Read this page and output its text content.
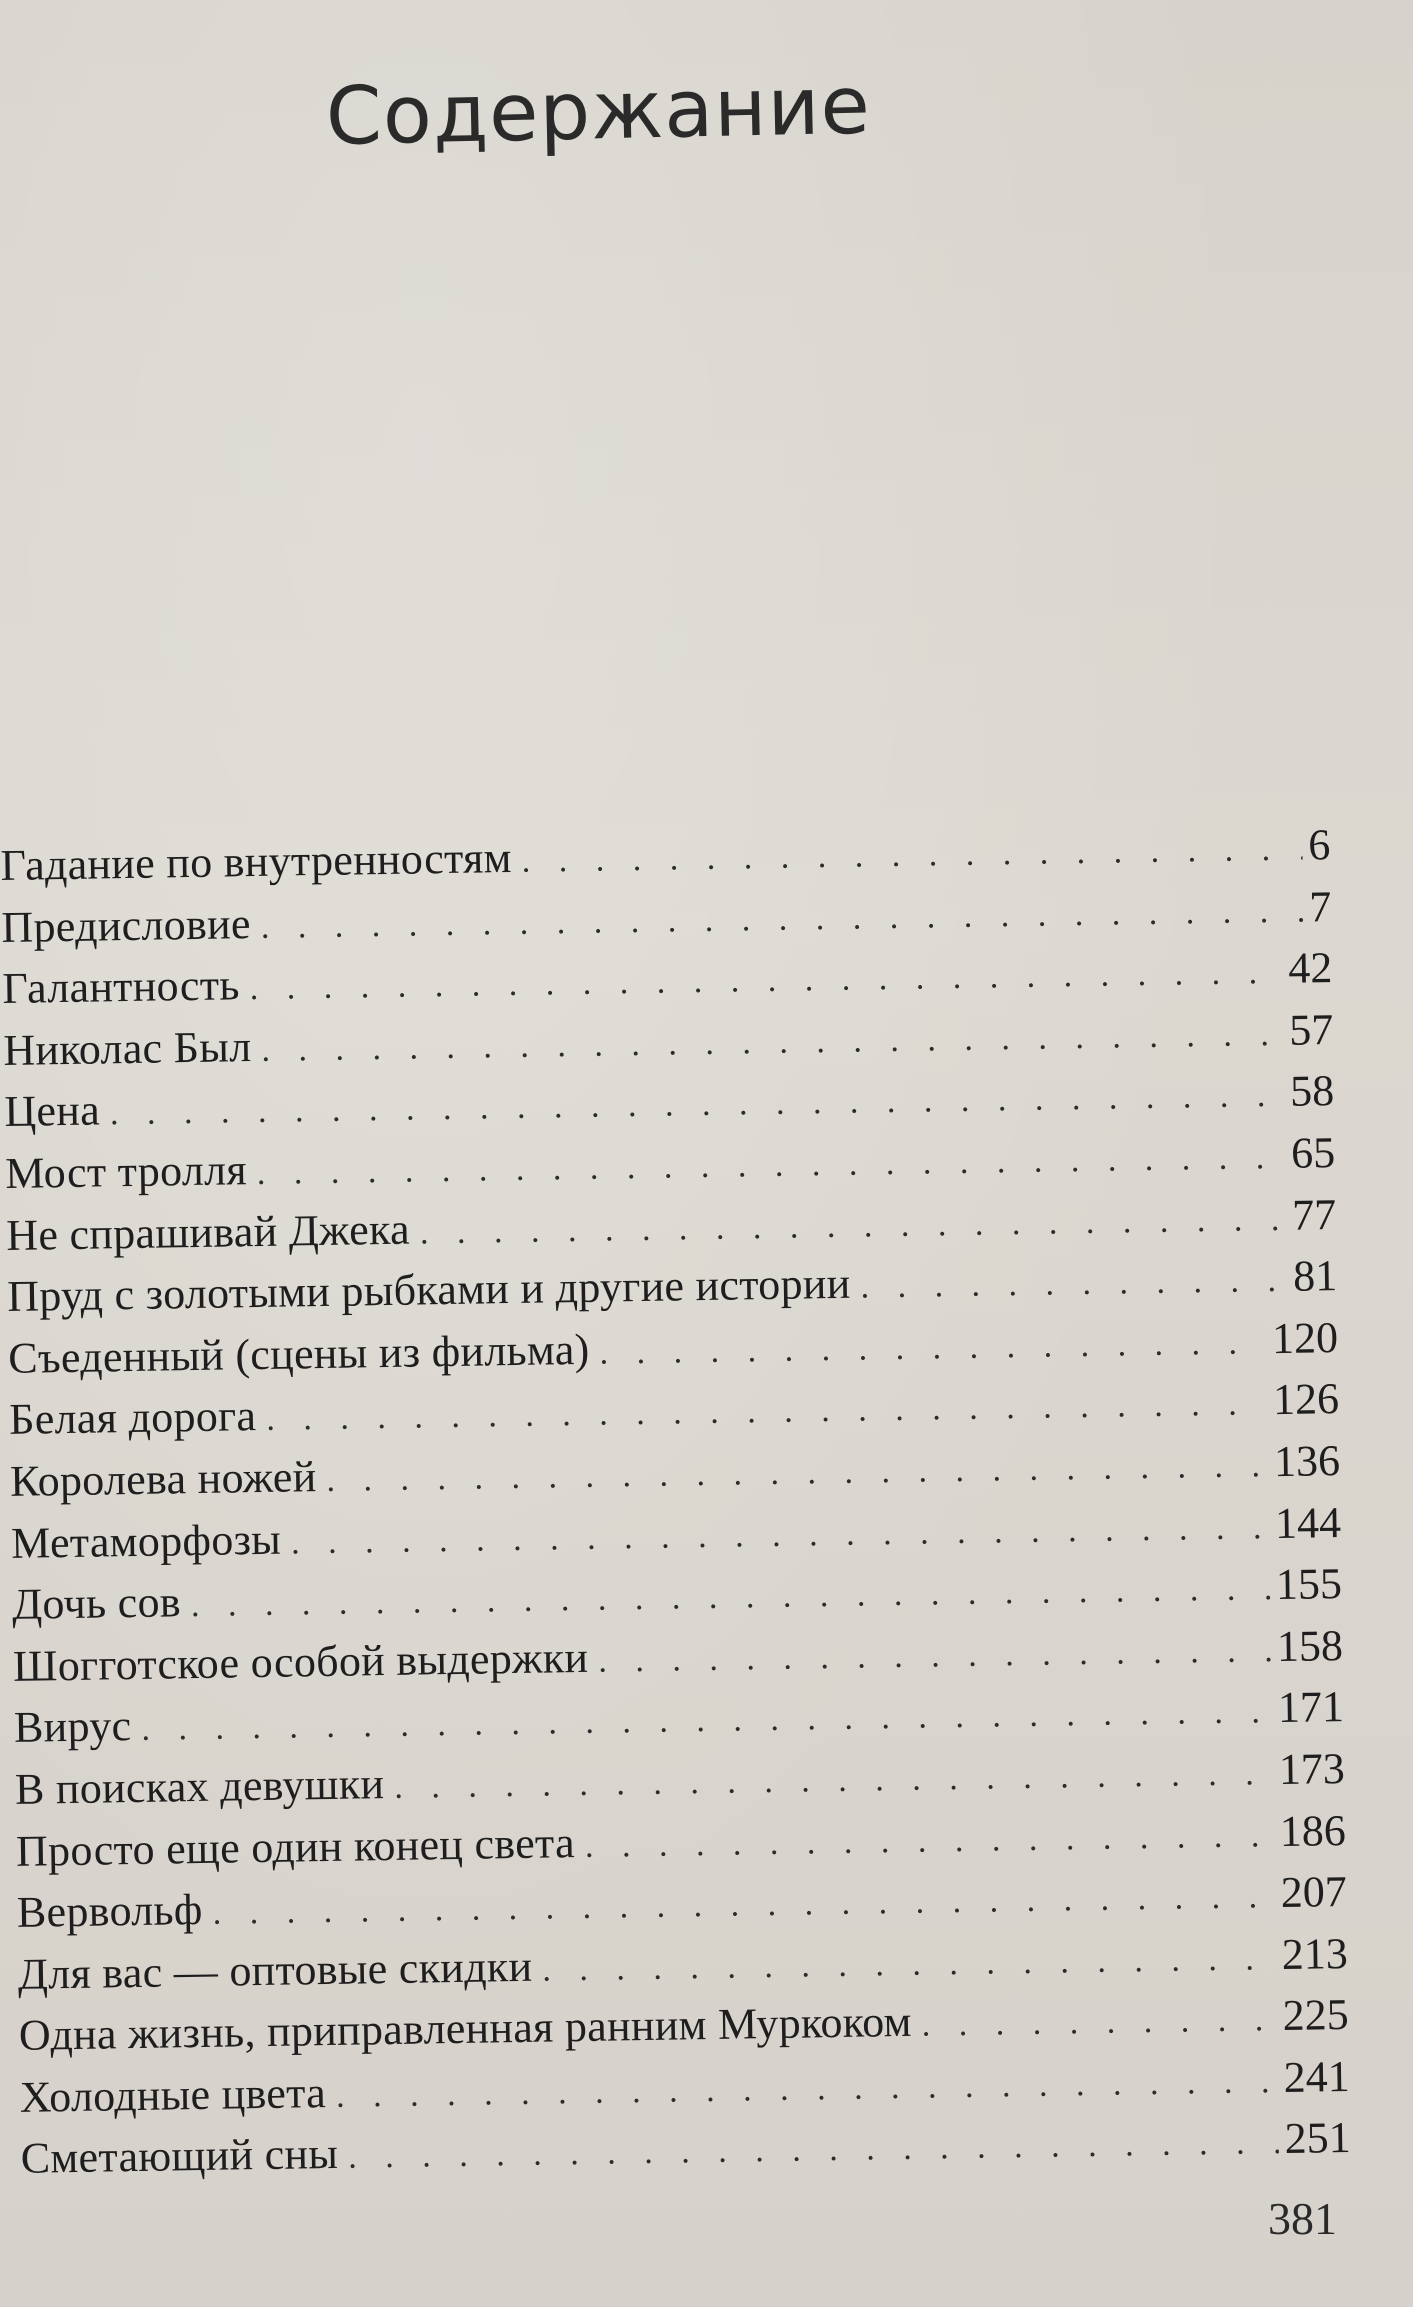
Содержание
Гадание по внутренностям . . .	6
Предисловие . . .	7
Галантность . . .	42
Николас Был . . .	57
Цена . . .	58
Мост тролля . . .	65
Не спрашивай Джека . . .	77
Пруд с золотыми рыбками и другие истории . . .	81
Съеденный (сцены из фильма) . . .	120
Белая дорога . . .	126
Королева ножей . . .	136
Метаморфозы . . .	144
Дочь сов . . .	155
Шогготское особой выдержки . . .	158
Вирус . . .	171
В поисках девушки . . .	173
Просто еще один конец света . . .	186
Вервольф . . .	207
Для вас — оптовые скидки . . .	213
Одна жизнь, приправленная ранним Муркоком . . .	225
Холодные цвета . . .	241
Сметающий сны . . .	251
381
